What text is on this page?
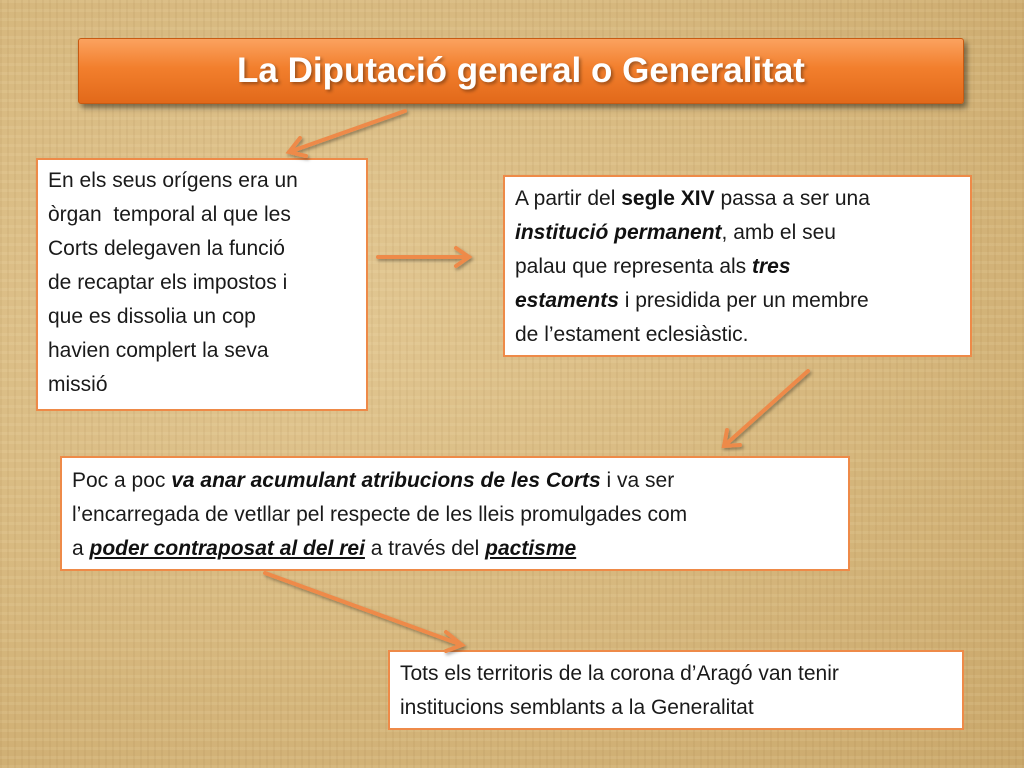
La Diputació general o Generalitat
En els seus orígens era un
òrgan  temporal al que les
Corts delegaven la funció
de recaptar els impostos i
que es dissolia un cop
havien complert la seva
missió
A partir del segle XIV passa a ser una
institució permanent, amb el seu
palau que representa als tres
estaments i presidida per un membre
de l’estament eclesiàstic.
Poc a poc va anar acumulant atribucions de les Corts i va ser
l’encarregada de vetllar pel respecte de les lleis promulgades com
a poder contraposat al del rei a través del pactisme
Tots els territoris de la corona d’Aragó van tenir
institucions semblants a la Generalitat
